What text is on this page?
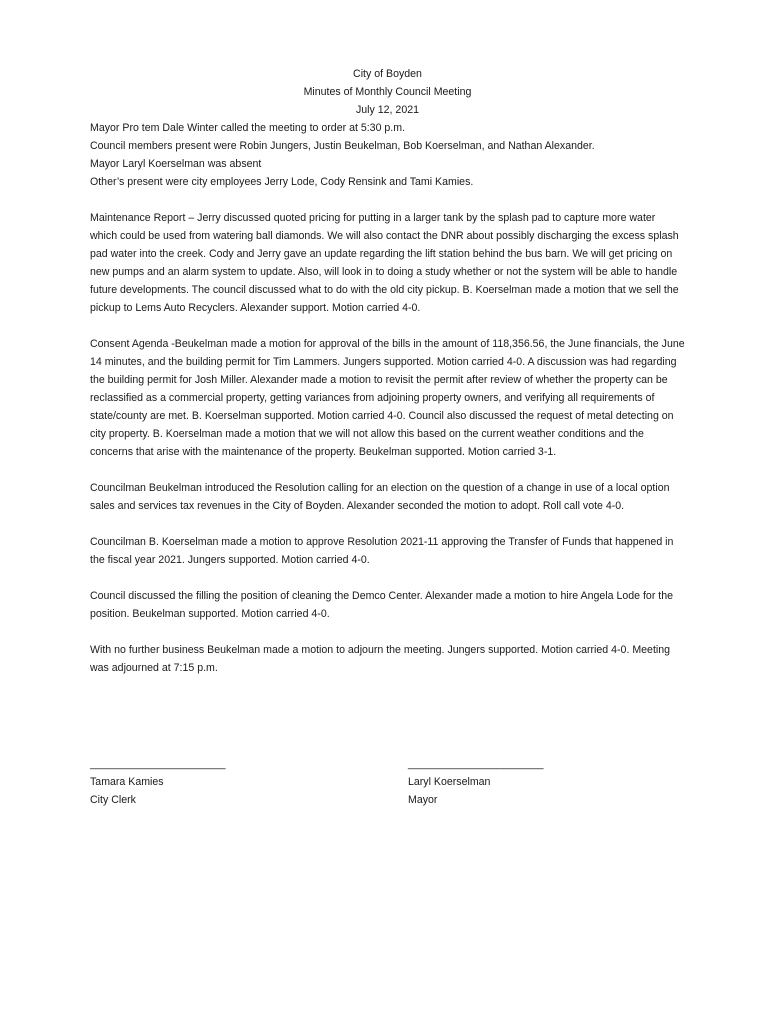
City of Boyden
Minutes of Monthly Council Meeting
July 12, 2021
Mayor Pro tem Dale Winter called the meeting to order at 5:30 p.m.
Council members present were Robin Jungers, Justin Beukelman, Bob Koerselman, and Nathan Alexander.
Mayor Laryl Koerselman was absent
Other’s present were city employees Jerry Lode, Cody Rensink and Tami Kamies.
Maintenance Report – Jerry discussed quoted pricing for putting in a larger tank by the splash pad to capture more water which could be used from watering ball diamonds. We will also contact the DNR about possibly discharging the excess splash pad water into the creek. Cody and Jerry gave an update regarding the lift station behind the bus barn. We will get pricing on new pumps and an alarm system to update. Also, will look in to doing a study whether or not the system will be able to handle future developments. The council discussed what to do with the old city pickup. B. Koerselman made a motion that we sell the pickup to Lems Auto Recyclers. Alexander support. Motion carried 4-0.
Consent Agenda -Beukelman made a motion for approval of the bills in the amount of 118,356.56, the June financials, the June 14 minutes, and the building permit for Tim Lammers. Jungers supported. Motion carried 4-0. A discussion was had regarding the building permit for Josh Miller. Alexander made a motion to revisit the permit after review of whether the property can be reclassified as a commercial property, getting variances from adjoining property owners, and verifying all requirements of state/county are met. B. Koerselman supported. Motion carried 4-0. Council also discussed the request of metal detecting on city property. B. Koerselman made a motion that we will not allow this based on the current weather conditions and the concerns that arise with the maintenance of the property. Beukelman supported. Motion carried 3-1.
Councilman Beukelman introduced the Resolution calling for an election on the question of a change in use of a local option sales and services tax revenues in the City of Boyden. Alexander seconded the motion to adopt. Roll call vote 4-0.
Councilman B. Koerselman made a motion to approve Resolution 2021-11 approving the Transfer of Funds that happened in the fiscal year 2021. Jungers supported. Motion carried 4-0.
Council discussed the filling the position of cleaning the Demco Center. Alexander made a motion to hire Angela Lode for the position. Beukelman supported. Motion carried 4-0.
With no further business Beukelman made a motion to adjourn the meeting. Jungers supported. Motion carried 4-0. Meeting was adjourned at 7:15 p.m.
_______________________
Tamara Kamies
City Clerk
_______________________
Laryl Koerselman
Mayor
